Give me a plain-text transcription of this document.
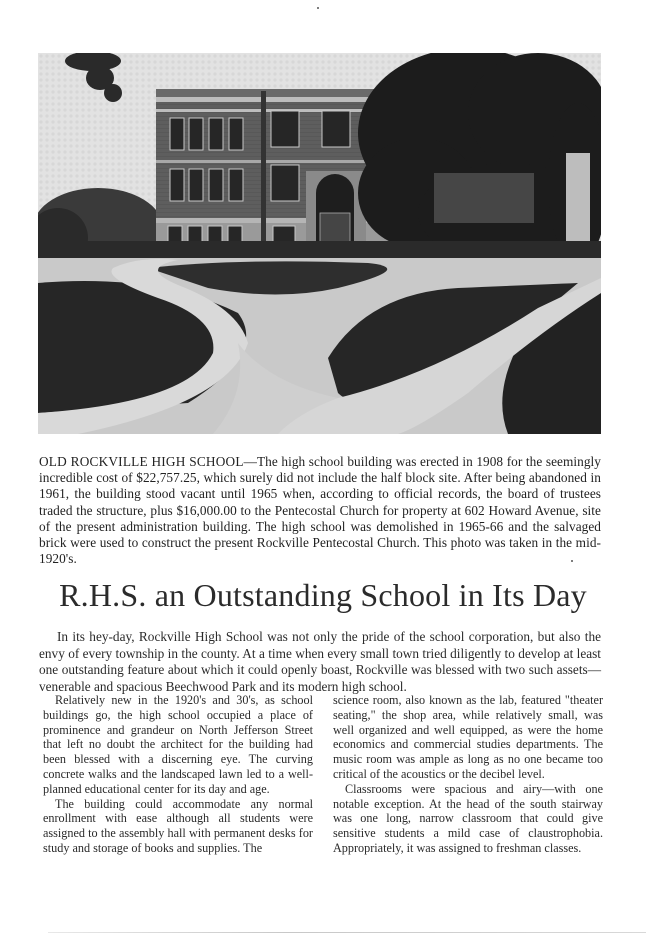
OLD ROCKVILLE HIGH SCHOOL—The high school building was erected in 1908 for the seemingly incredible cost of $22,757.25, which surely did not include the half block site. After being abandoned in 1961, the building stood vacant until 1965 when, according to official records, the board of trustees traded the structure, plus $16,000.00 to the Pentecostal Church for property at 602 Howard Avenue, site of the present administration building. The high school was demolished in 1965-66 and the salvaged brick were used to construct the present Rockville Pentecostal Church. This photo was taken in the mid-1920's.
R.H.S. an Outstanding School in Its Day
In its hey-day, Rockville High School was not only the pride of the school corporation, but also the envy of every township in the county. At a time when every small town tried diligently to develop at least one outstanding feature about which it could openly boast, Rockville was blessed with two such assets—venerable and spacious Beechwood Park and its modern high school.

Relatively new in the 1920's and 30's, as school buildings go, the high school occupied a place of prominence and grandeur on North Jefferson Street that left no doubt the architect for the building had been blessed with a discerning eye. The curving concrete walks and the landscaped lawn led to a well-planned educational center for its day and age.

The building could accommodate any normal enrollment with ease although all students were assigned to the assembly hall with permanent desks for study and storage of books and supplies. The

science room, also known as the lab, featured "theater seating," the shop area, while relatively small, was well organized and well equipped, as were the home economics and commercial studies departments. The music room was ample as long as no one became too critical of the acoustics or the decibel level.

Classrooms were spacious and airy—with one notable exception. At the head of the south stairway was one long, narrow classroom that could give sensitive students a mild case of claustrophobia. Appropriately, it was assigned to freshman classes.
